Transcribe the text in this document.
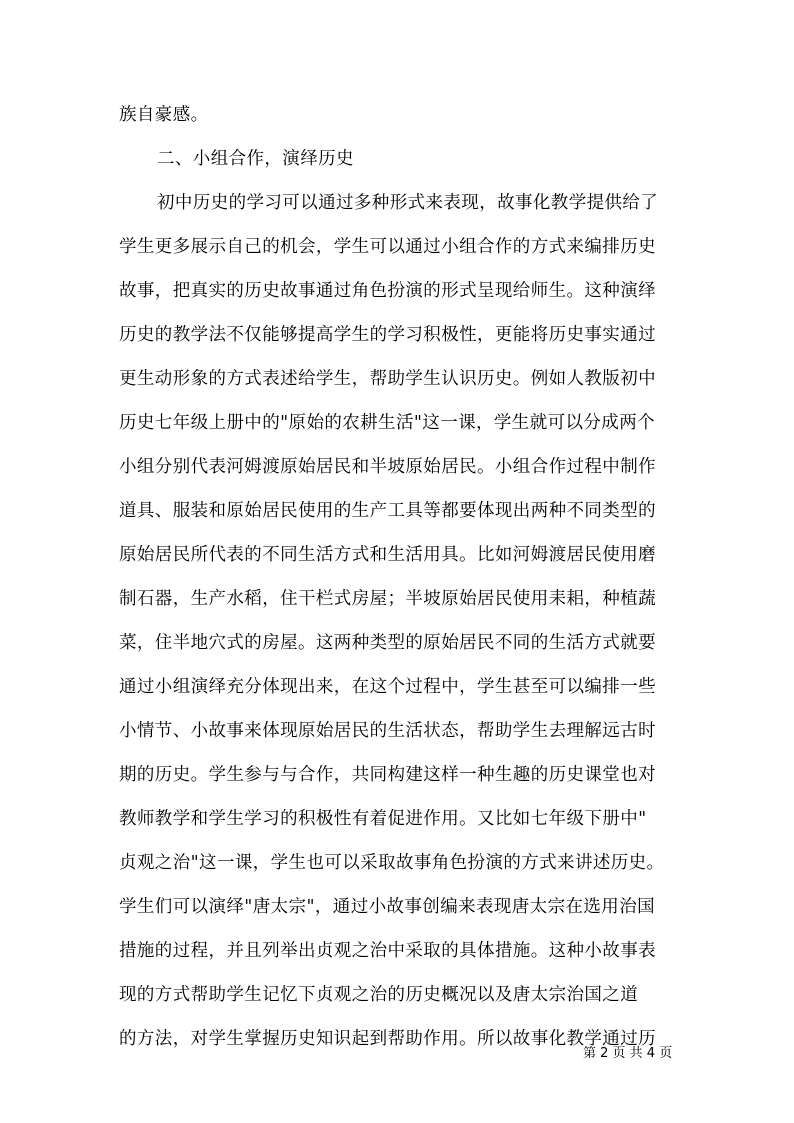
族自豪感。
二、小组合作，演绎历史
初中历史的学习可以通过多种形式来表现，故事化教学提供给了
学生更多展示自己的机会，学生可以通过小组合作的方式来编排历史
故事，把真实的历史故事通过角色扮演的形式呈现给师生。这种演绎
历史的教学法不仅能够提高学生的学习积极性，更能将历史事实通过
更生动形象的方式表述给学生，帮助学生认识历史。例如人教版初中
历史七年级上册中的"原始的农耕生活"这一课，学生就可以分成两个
小组分别代表河姆渡原始居民和半坡原始居民。小组合作过程中制作
道具、服装和原始居民使用的生产工具等都要体现出两种不同类型的
原始居民所代表的不同生活方式和生活用具。比如河姆渡居民使用磨
制石器，生产水稻，住干栏式房屋；半坡原始居民使用耒耜，种植蔬
菜，住半地穴式的房屋。这两种类型的原始居民不同的生活方式就要
通过小组演绎充分体现出来，在这个过程中，学生甚至可以编排一些
小情节、小故事来体现原始居民的生活状态，帮助学生去理解远古时
期的历史。学生参与与合作，共同构建这样一种生趣的历史课堂也对
教师教学和学生学习的积极性有着促进作用。又比如七年级下册中"
贞观之治"这一课，学生也可以采取故事角色扮演的方式来讲述历史。
学生们可以演绎"唐太宗"，通过小故事创编来表现唐太宗在选用治国
措施的过程，并且列举出贞观之治中采取的具体措施。这种小故事表
现的方式帮助学生记忆下贞观之治的历史概况以及唐太宗治国之道
的方法，对学生掌握历史知识起到帮助作用。所以故事化教学通过历
第 2 页 共 4 页
